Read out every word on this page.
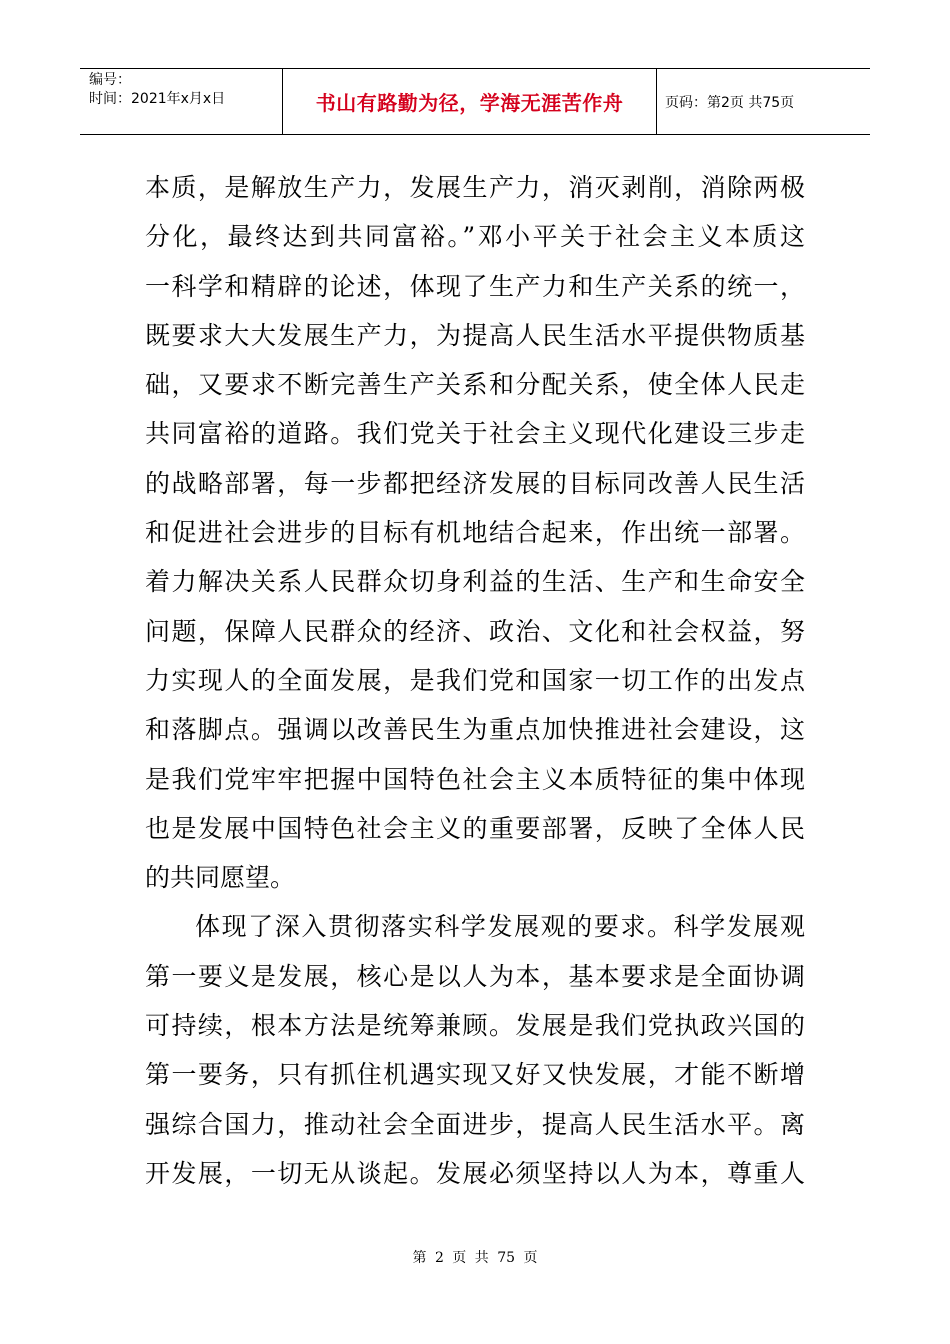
编号：
时间：2021年x月x日	书山有路勤为径，学海无涯苦作舟	页码：第2页 共75页
本质，是解放生产力，发展生产力，消灭剥削，消除两极
分化，最终达到共同富裕。”邓小平关于社会主义本质这
一科学和精辟的论述，体现了生产力和生产关系的统一，
既要求大大发展生产力，为提高人民生活水平提供物质基
础，又要求不断完善生产关系和分配关系，使全体人民走
共同富裕的道路。我们党关于社会主义现代化建设三步走
的战略部署，每一步都把经济发展的目标同改善人民生活
和促进社会进步的目标有机地结合起来，作出统一部署。
着力解决关系人民群众切身利益的生活、生产和生命安全
问题，保障人民群众的经济、政治、文化和社会权益，努
力实现人的全面发展，是我们党和国家一切工作的出发点
和落脚点。强调以改善民生为重点加快推进社会建设，这
是我们党牢牢把握中国特色社会主义本质特征的集中体现
也是发展中国特色社会主义的重要部署，反映了全体人民
的共同愿望。
体现了深入贯彻落实科学发展观的要求。科学发展观
第一要义是发展，核心是以人为本，基本要求是全面协调
可持续，根本方法是统筹兼顾。发展是我们党执政兴国的
第一要务，只有抓住机遇实现又好又快发展，才能不断增
强综合国力，推动社会全面进步，提高人民生活水平。离
开发展，一切无从谈起。发展必须坚持以人为本，尊重人
第 2 页 共 75 页
